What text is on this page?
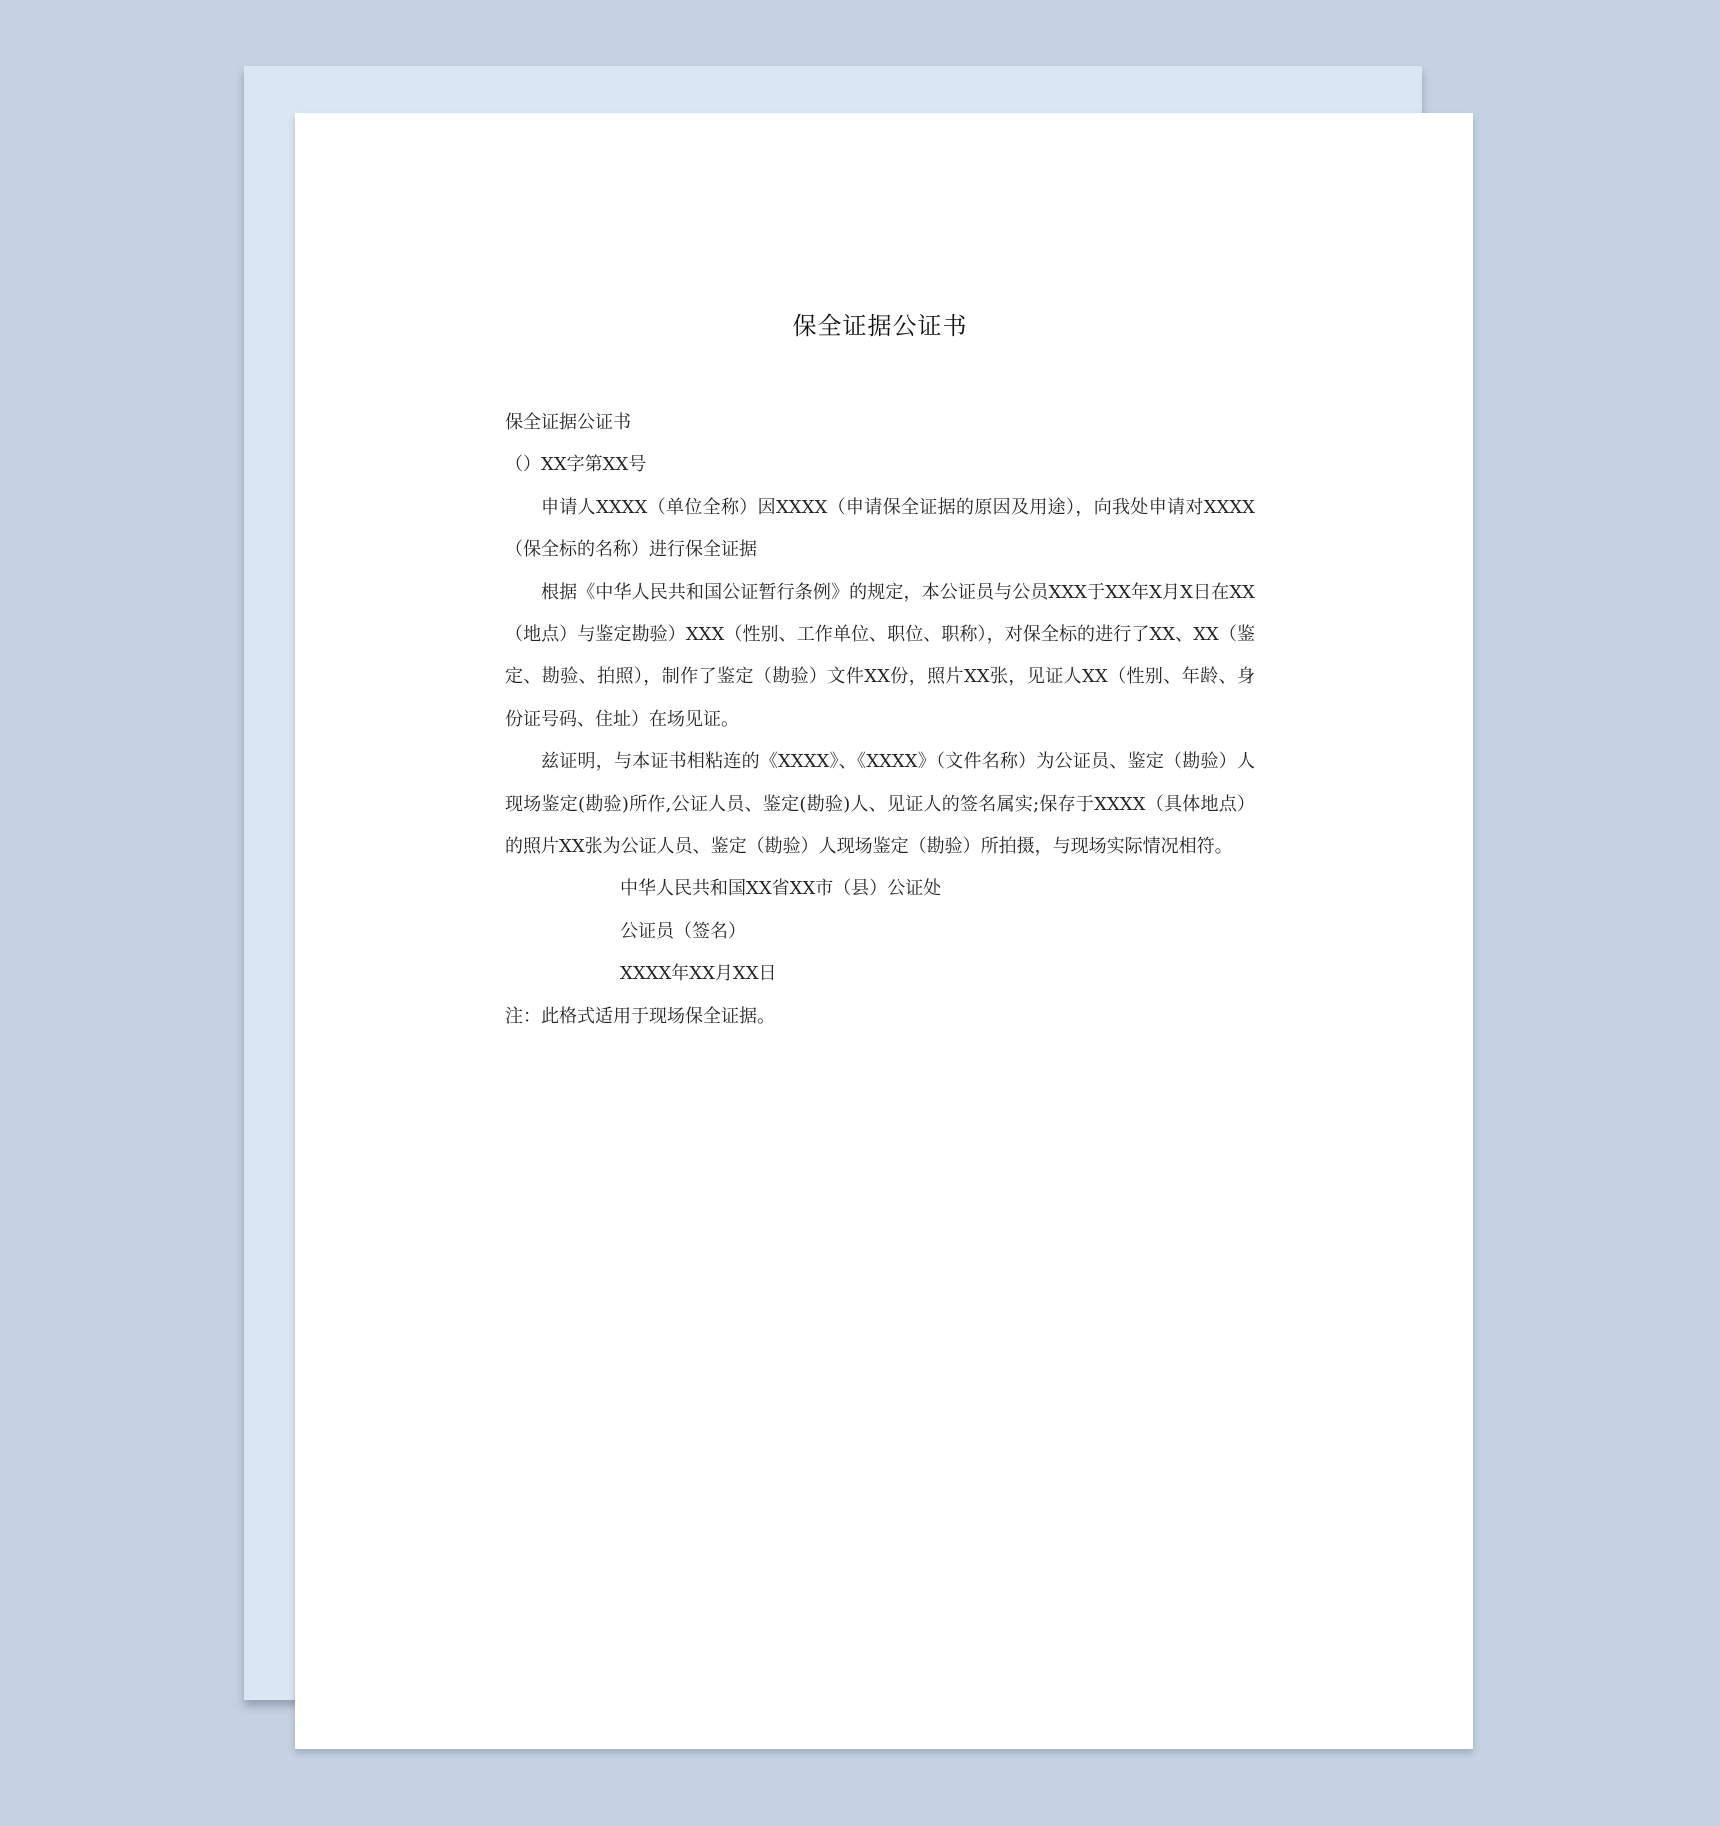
保全证据公证书

保全证据公证书

（）XX字第XX号

申请人XXXX（单位全称）因XXXX（申请保全证据的原因及用途），向我处申请对XXXX（保全标的名称）进行保全证据

根据《中华人民共和国公证暂行条例》的规定，本公证员与公员XXX于XX年X月X日在XX（地点）与鉴定勘验）XXX（性别、工作单位、职位、职称），对保全标的进行了XX、XX（鉴定、勘验、拍照），制作了鉴定（勘验）文件XX份，照片XX张，见证人XX（性别、年龄、身份证号码、住址）在场见证。

兹证明，与本证书相粘连的《XXXX》、《XXXX》（文件名称）为公证员、鉴定（勘验）人现场鉴定(勘验)所作,公证人员、鉴定(勘验)人、见证人的签名属实;保存于XXXX（具体地点）的照片XX张为公证人员、鉴定（勘验）人现场鉴定（勘验）所拍摄，与现场实际情况相符。

中华人民共和国XX省XX市（县）公证处

公证员（签名）

XXXX年XX月XX日

注：此格式适用于现场保全证据。
